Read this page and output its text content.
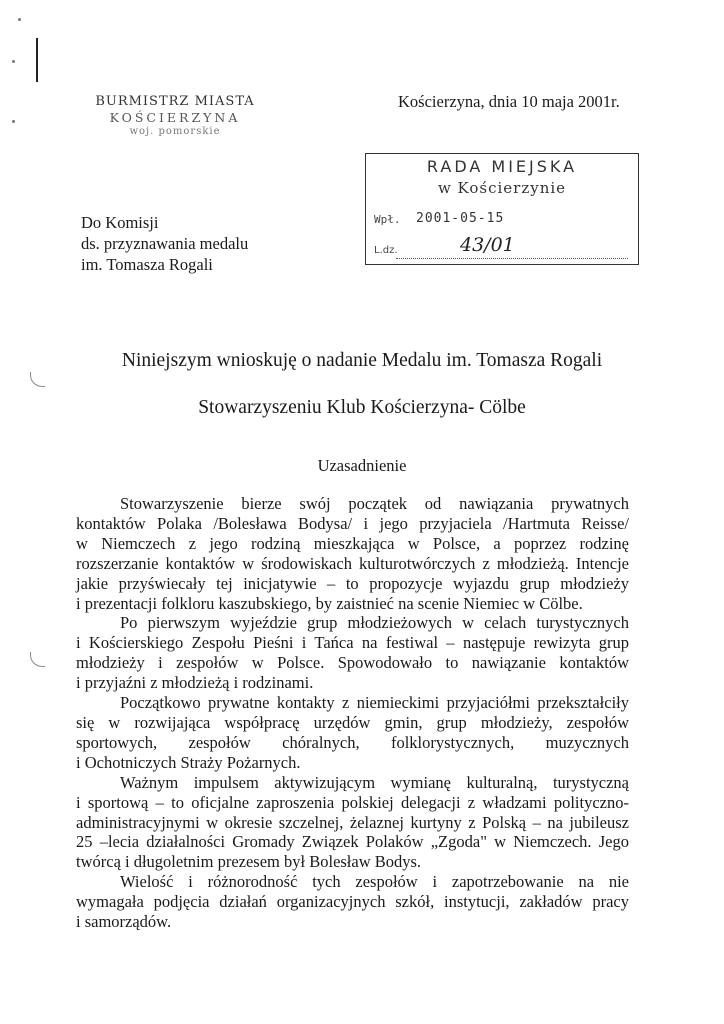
BURMISTRZ MIASTA
KOŚCIERZYNA
woj. pomorskie
Kościerzyna, dnia 10 maja 2001r.
RADA MIEJSKA
w Kościerzynie
Wpł. 2001-05-15
L.dz.	43/01
Do Komisji
ds. przyznawania medalu
im. Tomasza Rogali
Niniejszym wnioskuję o nadanie Medalu im. Tomasza Rogali
Stowarzyszeniu Klub Kościerzyna- Cölbe
Uzasadnienie
Stowarzyszenie bierze swój początek od nawiązania prywatnych
kontaktów Polaka /Bolesława Bodysa/ i jego przyjaciela /Hartmuta Reisse/
w Niemczech z jego rodziną mieszkająca w Polsce, a poprzez rodzinę
rozszerzanie kontaktów w środowiskach kulturotwórczych z młodzieżą. Intencje
jakie przyświecały tej inicjatywie – to propozycje wyjazdu grup młodzieży
i prezentacji folkloru kaszubskiego, by zaistnieć na scenie Niemiec w Cölbe.
Po pierwszym wyjeździe grup młodzieżowych w celach turystycznych
i Kościerskiego Zespołu Pieśni i Tańca na festiwal – następuje rewizyta grup
młodzieży i zespołów w Polsce. Spowodowało to nawiązanie kontaktów
i przyjaźni z młodzieżą i rodzinami.
Początkowo prywatne kontakty z niemieckimi przyjaciółmi przekształciły
się w rozwijająca współpracę urzędów gmin, grup młodzieży, zespołów
sportowych, zespołów chóralnych, folklorystycznych, muzycznych
i Ochotniczych Straży Pożarnych.
Ważnym impulsem aktywizującym wymianę kulturalną, turystyczną
i sportową – to oficjalne zaproszenia polskiej delegacji z władzami polityczno-
administracyjnymi w okresie szczelnej, żelaznej kurtyny z Polską – na jubileusz
25 –lecia działalności Gromady Związek Polaków „Zgoda" w Niemczech. Jego
twórcą i długoletnim prezesem był Bolesław Bodys.
Wielość i różnorodność tych zespołów i zapotrzebowanie na nie
wymagała podjęcia działań organizacyjnych szkół, instytucji, zakładów pracy
i samorządów.
